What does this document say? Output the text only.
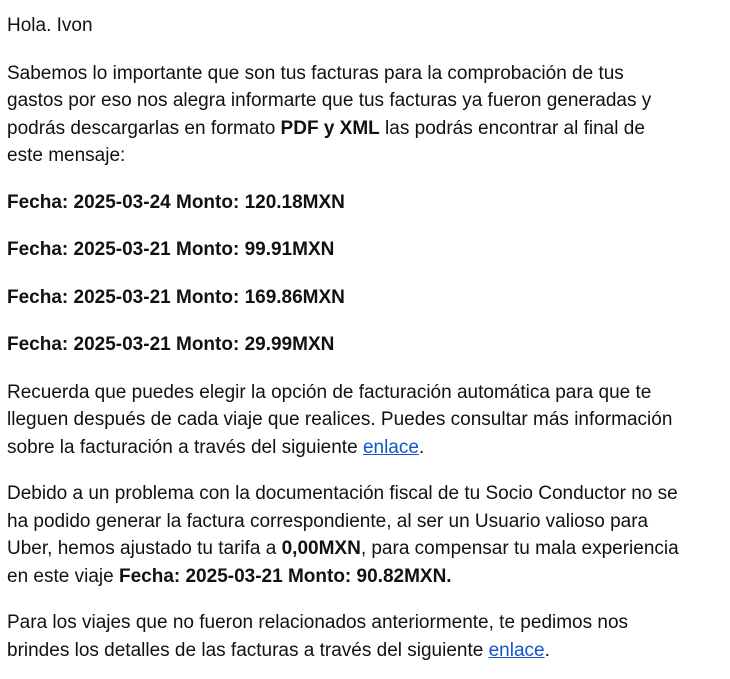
Hola. Ivon

Sabemos lo importante que son tus facturas para la comprobación de tus gastos por eso nos alegra informarte que tus facturas ya fueron generadas y podrás descargarlas en formato PDF y XML las podrás encontrar al final de este mensaje:

Fecha: 2025-03-24 Monto: 120.18MXN
Fecha: 2025-03-21 Monto: 99.91MXN
Fecha: 2025-03-21 Monto: 169.86MXN
Fecha: 2025-03-21 Monto: 29.99MXN

Recuerda que puedes elegir la opción de facturación automática para que te lleguen después de cada viaje que realices. Puedes consultar más información sobre la facturación a través del siguiente enlace.

Debido a un problema con la documentación fiscal de tu Socio Conductor no se ha podido generar la factura correspondiente, al ser un Usuario valioso para Uber, hemos ajustado tu tarifa a 0,00MXN, para compensar tu mala experiencia en este viaje Fecha: 2025-03-21 Monto: 90.82MXN.

Para los viajes que no fueron relacionados anteriormente, te pedimos nos brindes los detalles de las facturas a través del siguiente enlace.
